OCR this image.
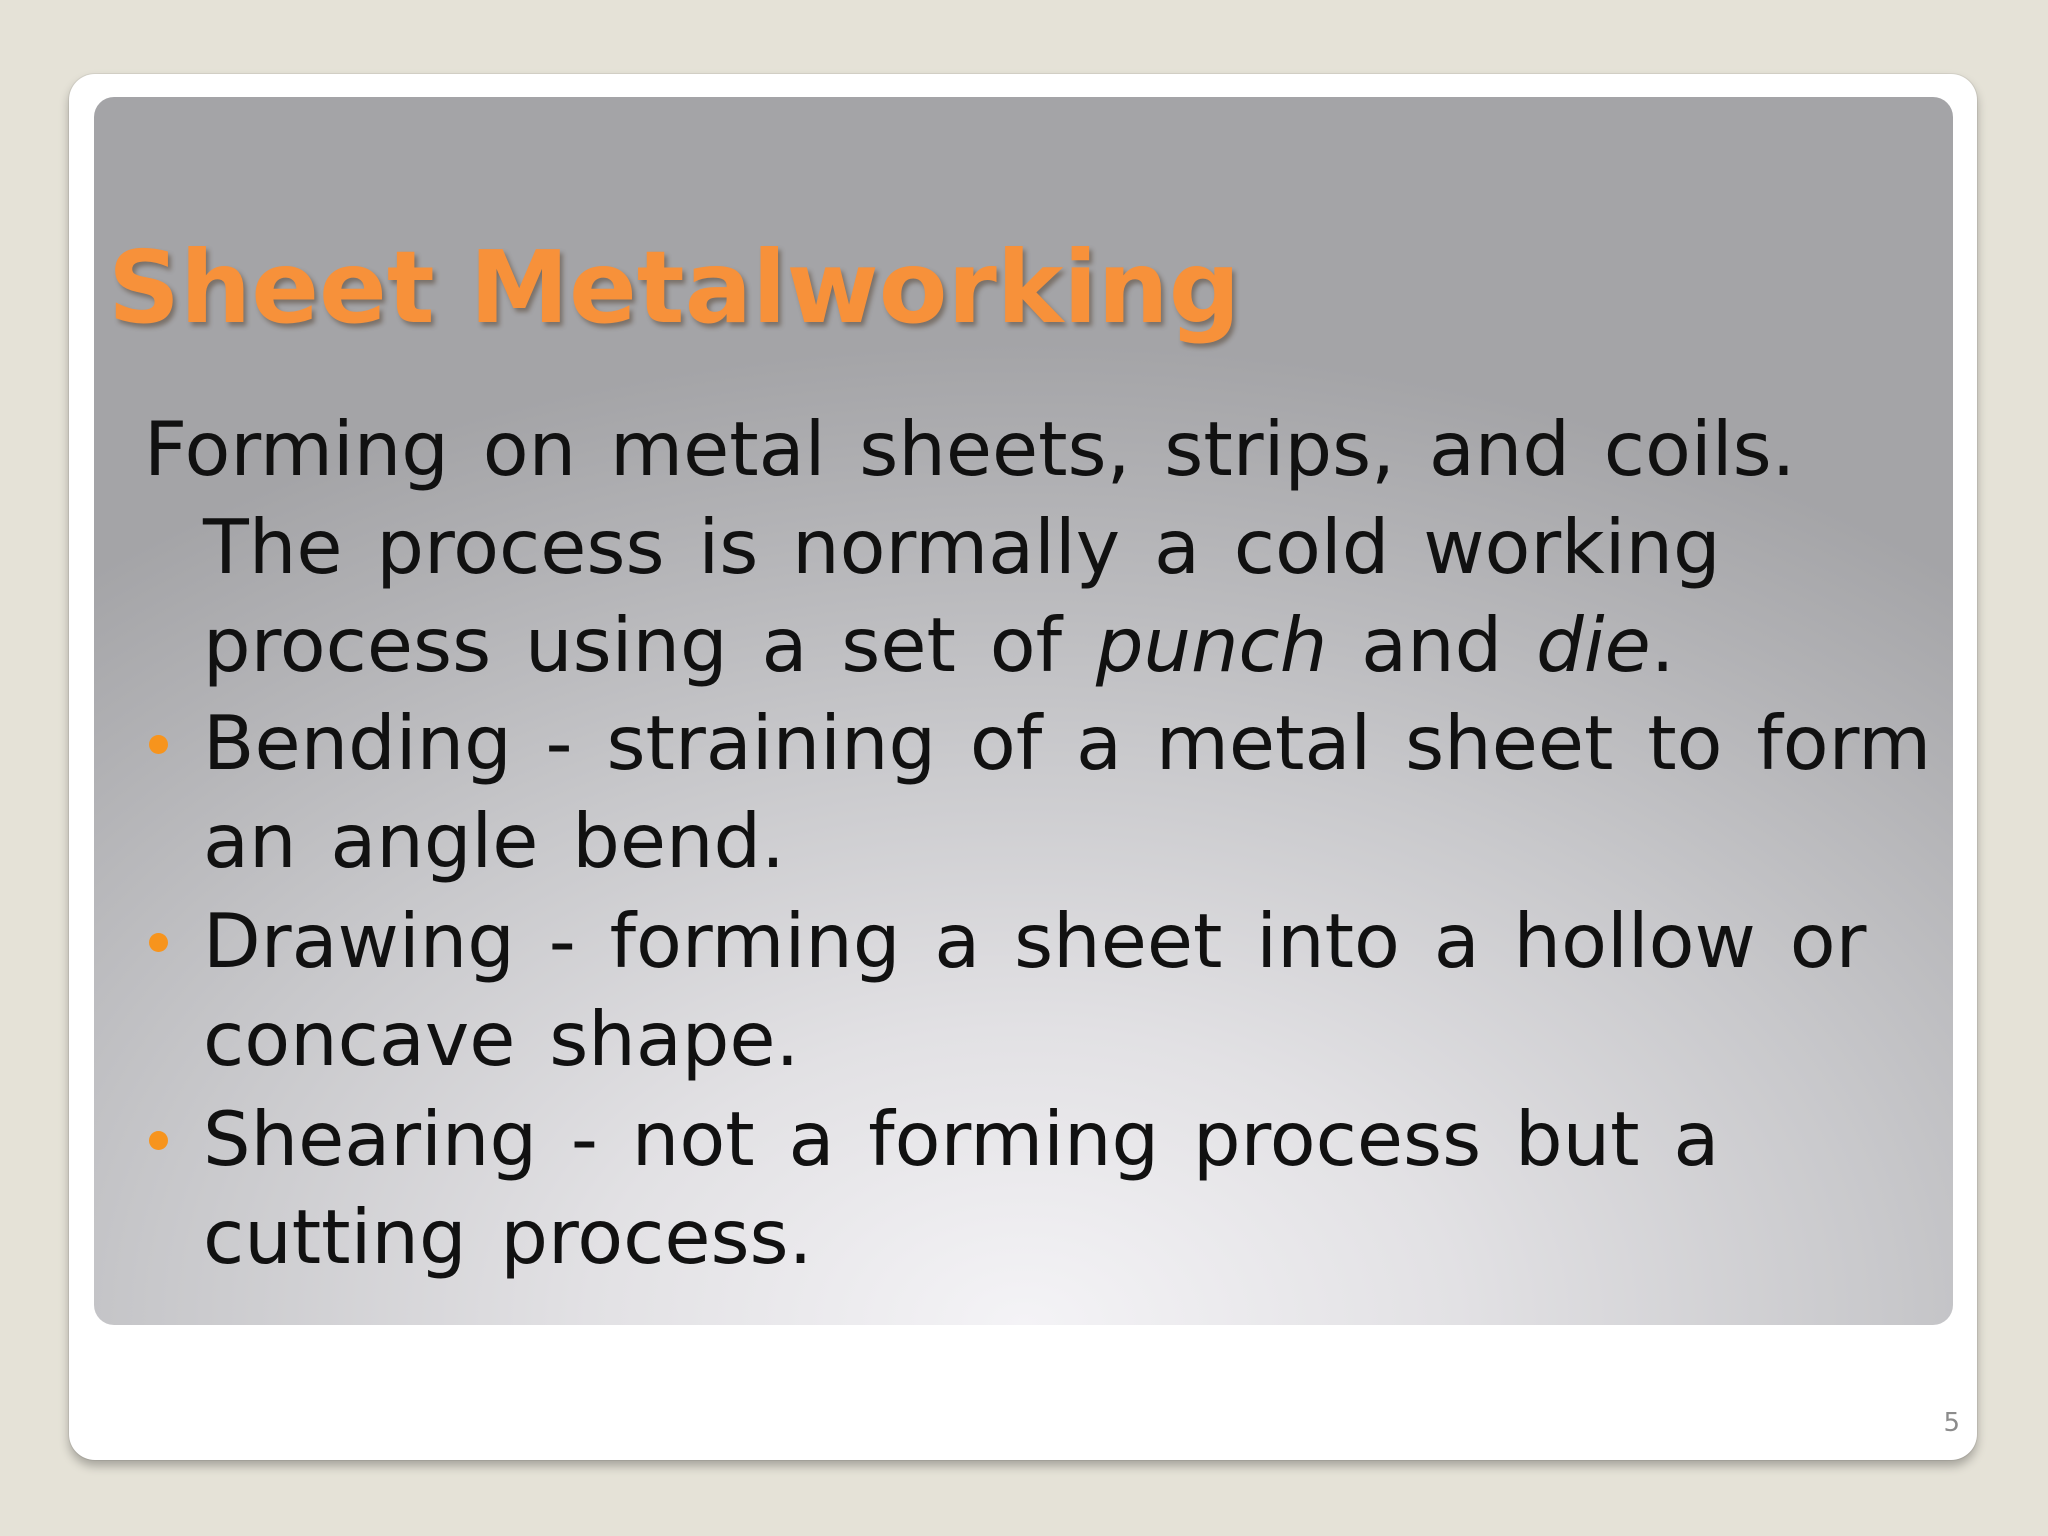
Sheet Metalworking

Forming on metal sheets, strips, and coils. The process is normally a cold working process using a set of punch and die.

Bending - straining of a metal sheet to form an angle bend.
Drawing - forming a sheet into a hollow or concave shape.
Shearing - not a forming process but a cutting process.
5
